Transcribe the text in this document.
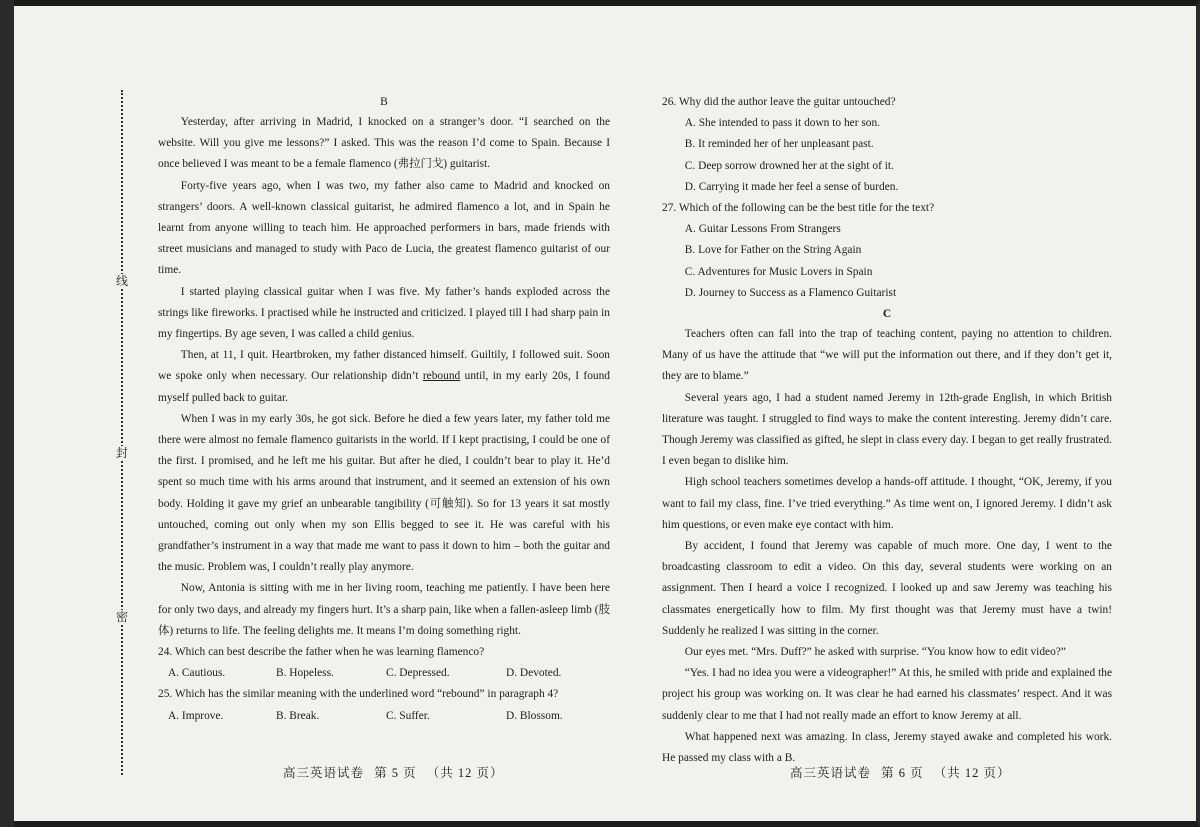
线
封
密
B

Yesterday, after arriving in Madrid, I knocked on a stranger’s door. “I searched on the website. Will you give me lessons?” I asked. This was the reason I’d come to Spain. Because I once believed I was meant to be a female flamenco (弗拉门戈) guitarist.

Forty-five years ago, when I was two, my father also came to Madrid and knocked on strangers’ doors. A well-known classical guitarist, he admired flamenco a lot, and in Spain he learnt from anyone willing to teach him. He approached performers in bars, made friends with street musicians and managed to study with Paco de Lucia, the greatest flamenco guitarist of our time.

I started playing classical guitar when I was five. My father’s hands exploded across the strings like fireworks. I practised while he instructed and criticized. I played till I had sharp pain in my fingertips. By age seven, I was called a child genius.

Then, at 11, I quit. Heartbroken, my father distanced himself. Guiltily, I followed suit. Soon we spoke only when necessary. Our relationship didn’t rebound until, in my early 20s, I found myself pulled back to guitar.

When I was in my early 30s, he got sick. Before he died a few years later, my father told me there were almost no female flamenco guitarists in the world. If I kept practising, I could be one of the first. I promised, and he left me his guitar. But after he died, I couldn’t bear to play it. He’d spent so much time with his arms around that instrument, and it seemed an extension of his own body. Holding it gave my grief an unbearable tangibility (可触知). So for 13 years it sat mostly untouched, coming out only when my son Ellis begged to see it. He was careful with his grandfather’s instrument in a way that made me want to pass it down to him – both the guitar and the music. Problem was, I couldn’t really play anymore.

Now, Antonia is sitting with me in her living room, teaching me patiently. I have been here for only two days, and already my fingers hurt. It’s a sharp pain, like when a fallen-asleep limb (肢体) returns to life. The feeling delights me. It means I’m doing something right.

24. Which can best describe the father when he was learning flamenco?
A. Cautious.	B. Hopeless.	C. Depressed.	D. Devoted.
25. Which has the similar meaning with the underlined word “rebound” in paragraph 4?
A. Improve.	B. Break.	C. Suffer.	D. Blossom.
高三英语试卷 第 5 页 （共 12 页）
26. Why did the author leave the guitar untouched?
A. She intended to pass it down to her son.
B. It reminded her of her unpleasant past.
C. Deep sorrow drowned her at the sight of it.
D. Carrying it made her feel a sense of burden.
27. Which of the following can be the best title for the text?
A. Guitar Lessons From Strangers
B. Love for Father on the String Again
C. Adventures for Music Lovers in Spain
D. Journey to Success as a Flamenco Guitarist
C

Teachers often can fall into the trap of teaching content, paying no attention to children. Many of us have the attitude that “we will put the information out there, and if they don’t get it, they are to blame.”

Several years ago, I had a student named Jeremy in 12th-grade English, in which British literature was taught. I struggled to find ways to make the content interesting. Jeremy didn’t care. Though Jeremy was classified as gifted, he slept in class every day. I began to get really frustrated. I even began to dislike him.

High school teachers sometimes develop a hands-off attitude. I thought, “OK, Jeremy, if you want to fail my class, fine. I’ve tried everything.” As time went on, I ignored Jeremy. I didn’t ask him questions, or even make eye contact with him.

By accident, I found that Jeremy was capable of much more. One day, I went to the broadcasting classroom to edit a video. On this day, several students were working on an assignment. Then I heard a voice I recognized. I looked up and saw Jeremy was teaching his classmates energetically how to film. My first thought was that Jeremy must have a twin! Suddenly he realized I was sitting in the corner.

Our eyes met. “Mrs. Duff?” he asked with surprise. “You know how to edit video?”

“Yes. I had no idea you were a videographer!” At this, he smiled with pride and explained the project his group was working on. It was clear he had earned his classmates’ respect. And it was suddenly clear to me that I had not really made an effort to know Jeremy at all.

What happened next was amazing. In class, Jeremy stayed awake and completed his work. He passed my class with a B.

高三英语试卷 第 6 页 （共 12 页）
